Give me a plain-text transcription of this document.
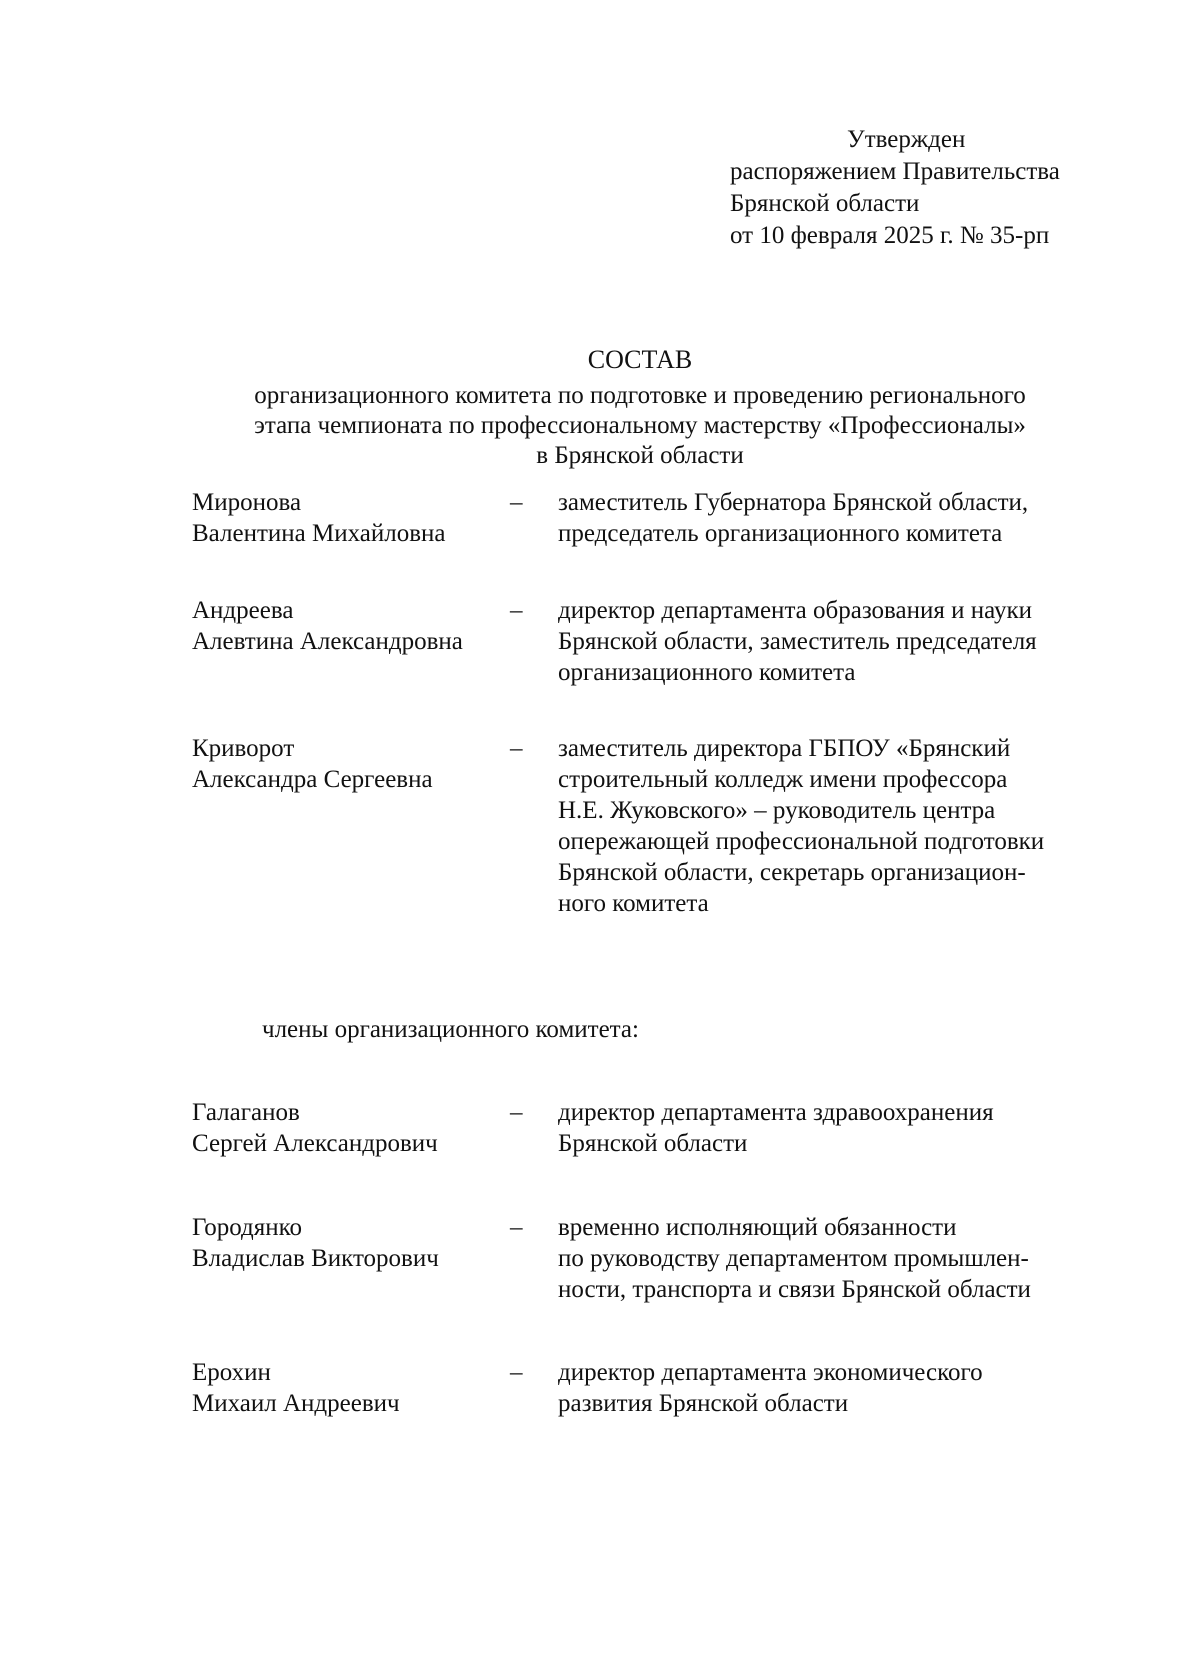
Утвержден
распоряжением Правительства
Брянской области
от 10 февраля 2025 г. № 35-рп
СОСТАВ
организационного комитета по подготовке и проведению регионального
этапа чемпионата по профессиональному мастерству «Профессионалы»
в Брянской области
Миронова
Валентина Михайловна
–	заместитель Губернатора Брянской области,
председатель организационного комитета
Андреева
Алевтина Александровна
–	директор департамента образования и науки
Брянской области, заместитель председателя
организационного комитета
Криворот
Александра Сергеевна
–	заместитель директора ГБПОУ «Брянский
строительный колледж имени профессора
Н.Е. Жуковского» – руководитель центра
опережающей профессиональной подготовки
Брянской области, секретарь организацион-
ного комитета
члены организационного комитета:
Галаганов
Сергей Александрович
–	директор департамента здравоохранения
Брянской области
Городянко
Владислав Викторович
–	временно исполняющий обязанности
по руководству департаментом промышлен-
ности, транспорта и связи Брянской области
Ерохин
Михаил Андреевич
–	директор департамента экономического
развития Брянской области
